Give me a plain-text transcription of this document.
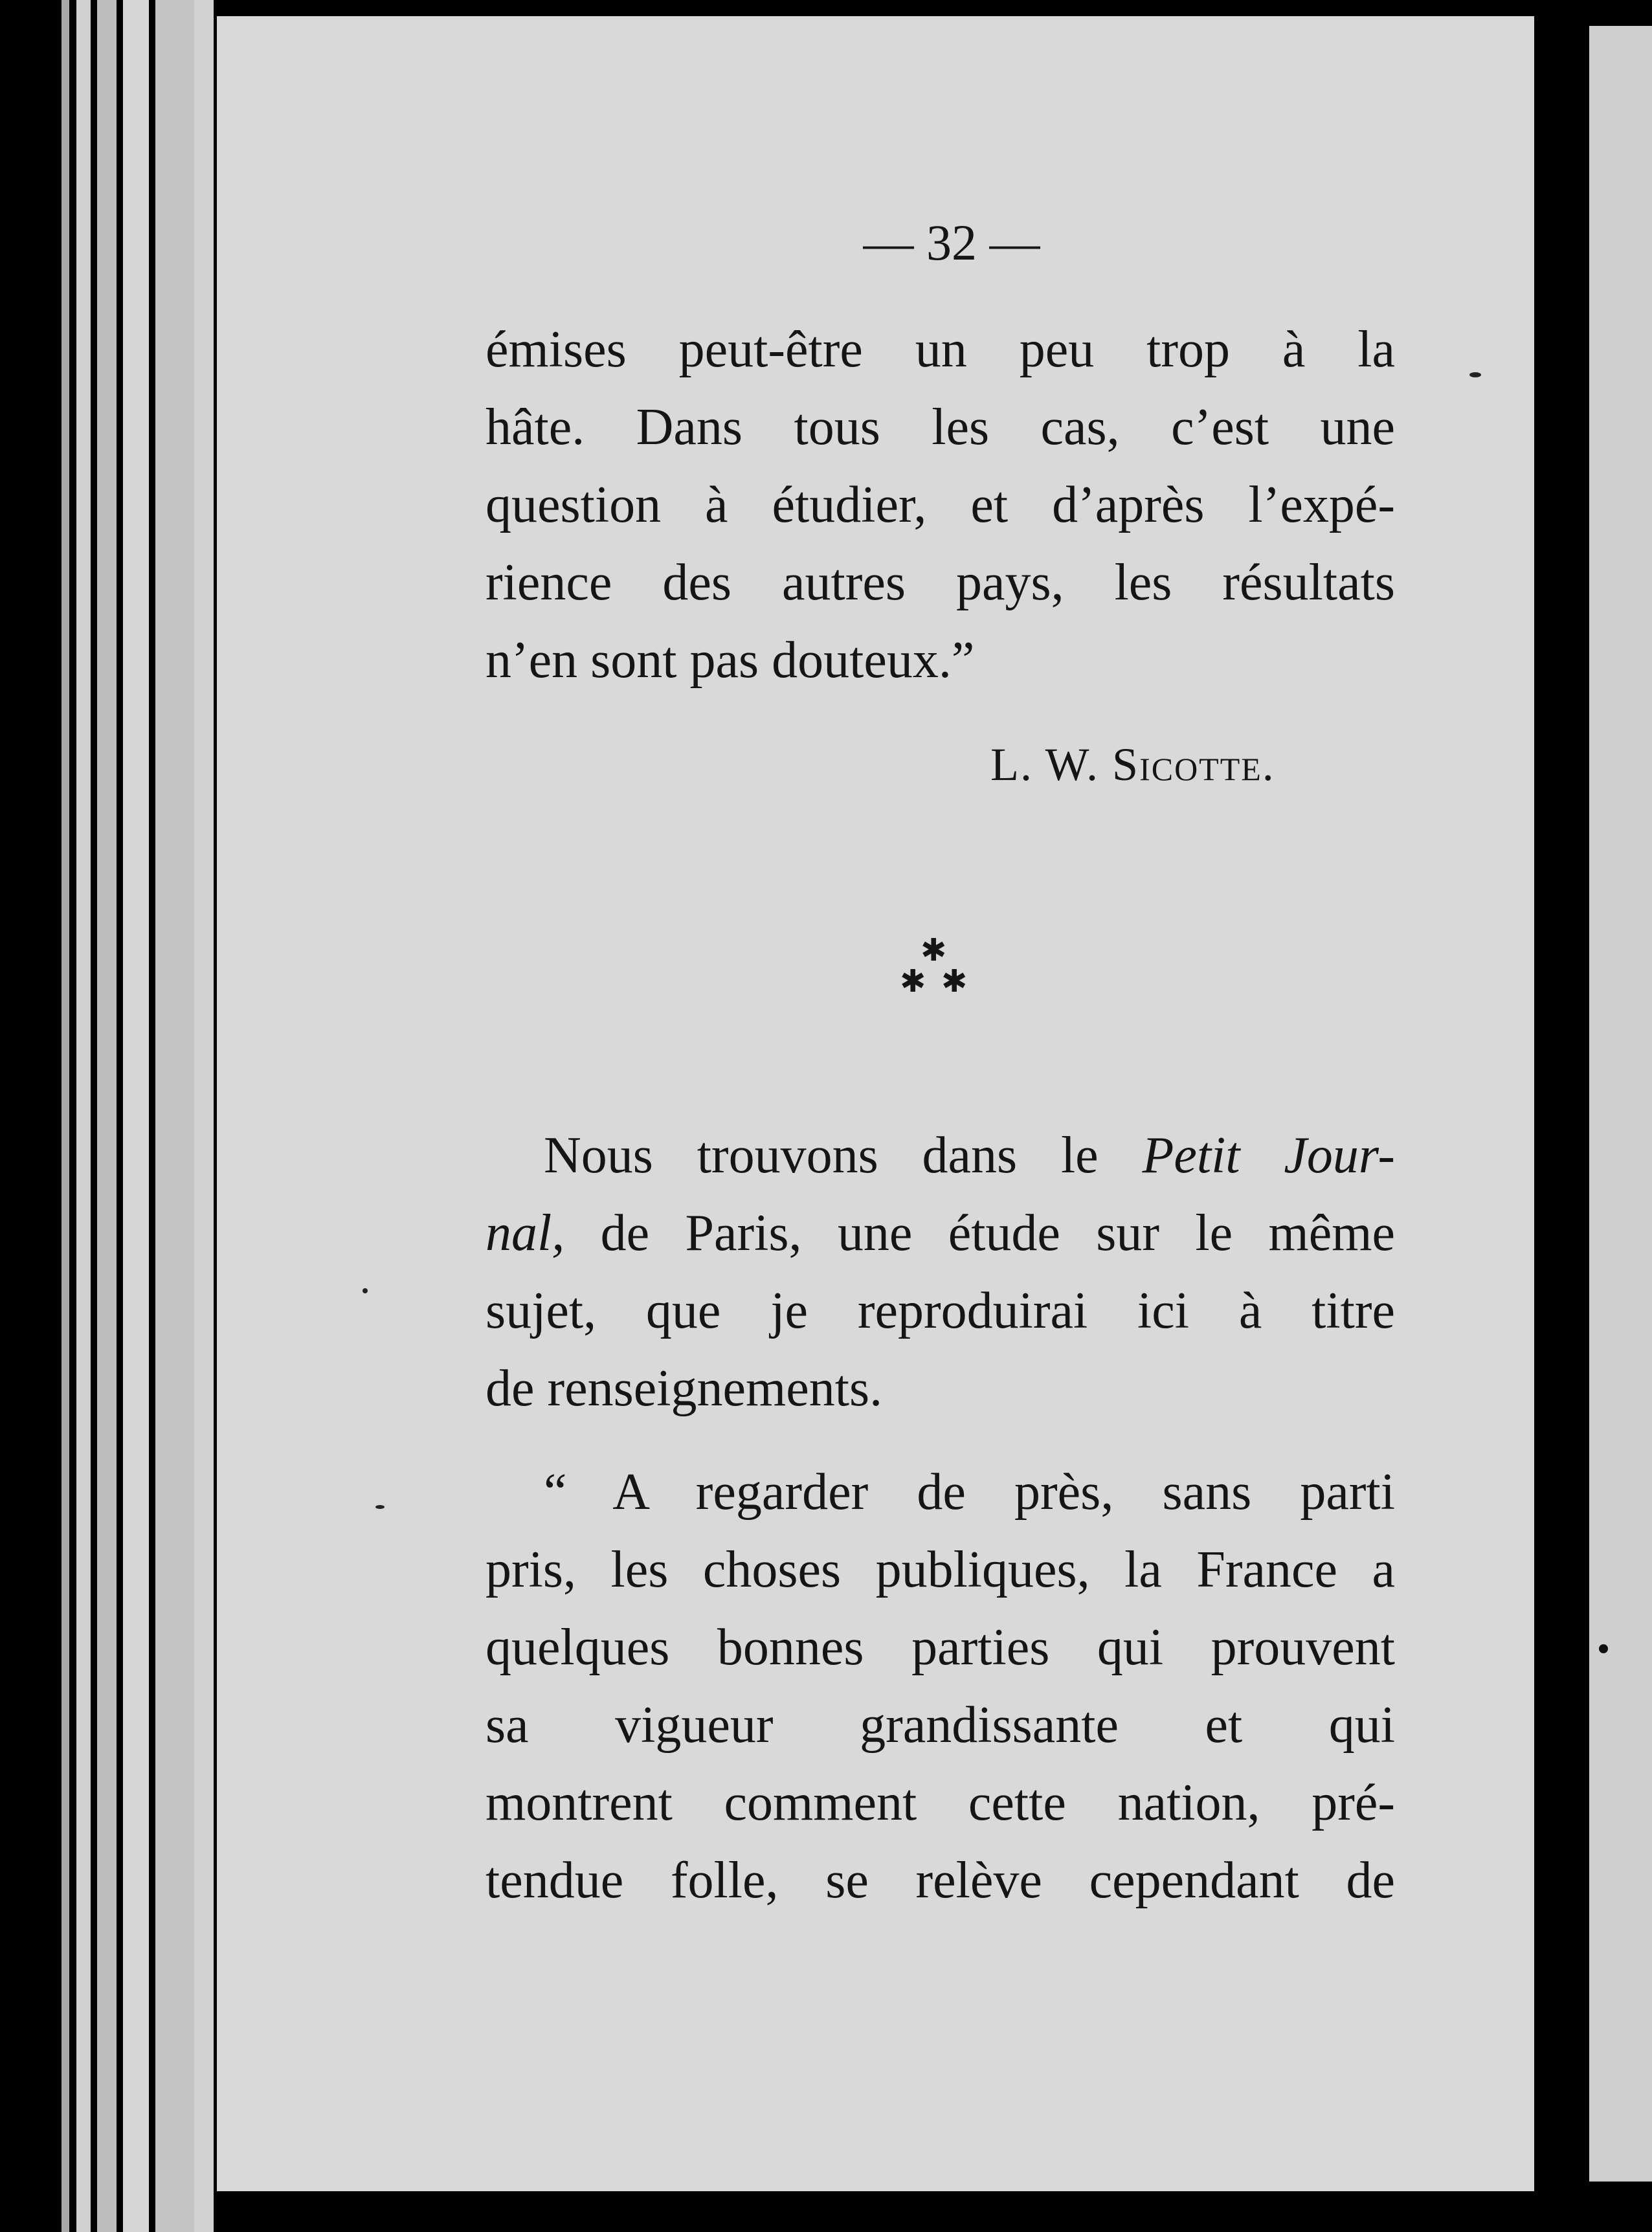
— 32 —
émises peut-être un peu trop à la
hâte. Dans tous les cas, c’est une
question à étudier, et d’après l’expé-
rience des autres pays, les résultats
n’en sont pas douteux.”
L. W. Sicotte.
✱
✱ ✱
Nous trouvons dans le Petit Jour-
nal, de Paris, une étude sur le même
sujet, que je reproduirai ici à titre
de renseignements.
“ A regarder de près, sans parti
pris, les choses publiques, la France a
quelques bonnes parties qui prouvent
sa vigueur grandissante et qui
montrent comment cette nation, pré-
tendue folle, se relève cependant de
